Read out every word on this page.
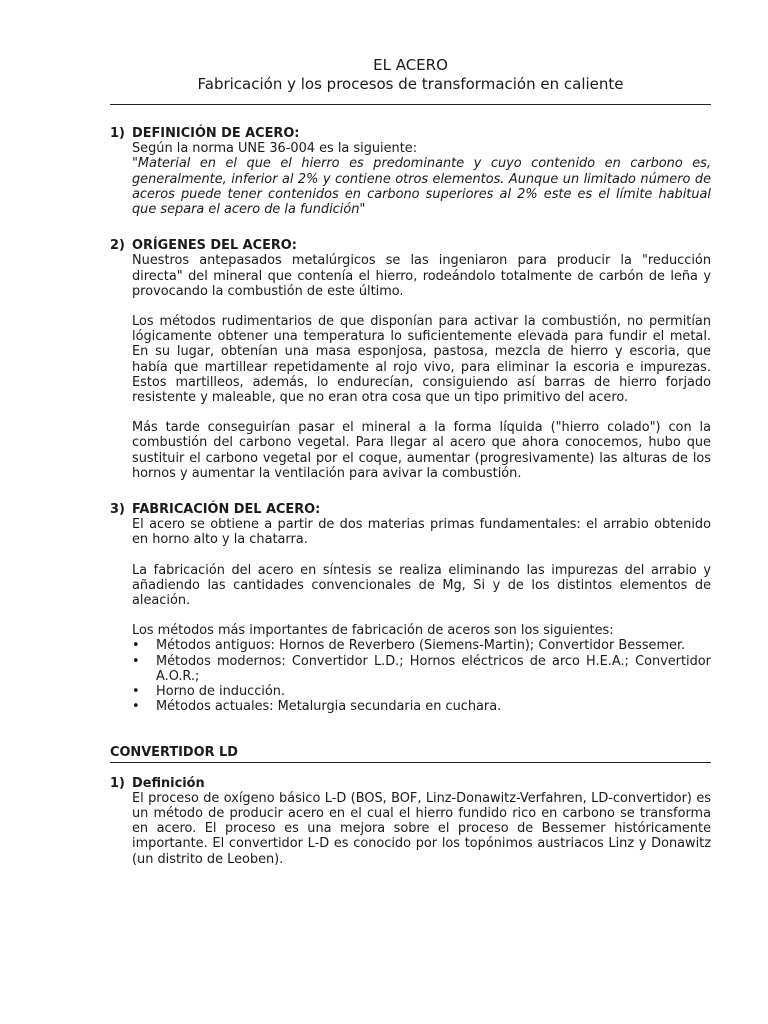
EL ACERO
Fabricación y los procesos de transformación en caliente
1) DEFINICIÓN DE ACERO:
Según la norma UNE 36-004 es la siguiente:
"Material en el que el hierro es predominante y cuyo contenido en carbono es, generalmente, inferior al 2% y contiene otros elementos. Aunque un limitado número de aceros puede tener contenidos en carbono superiores al 2% este es el límite habitual que separa el acero de la fundición"
2) ORÍGENES DEL ACERO:
Nuestros antepasados metalúrgicos se las ingeniaron para producir la "reducción directa" del mineral que contenía el hierro, rodeándolo totalmente de carbón de leña y provocando la combustión de este último.
Los métodos rudimentarios de que disponían para activar la combustión, no permitían lógicamente obtener una temperatura lo suficientemente elevada para fundir el metal. En su lugar, obtenían una masa esponjosa, pastosa, mezcla de hierro y escoria, que había que martillear repetidamente al rojo vivo, para eliminar la escoria e impurezas. Estos martilleos, además, lo endurecían, consiguiendo así barras de hierro forjado resistente y maleable, que no eran otra cosa que un tipo primitivo del acero.
Más tarde conseguirían pasar el mineral a la forma líquida ("hierro colado") con la combustión del carbono vegetal. Para llegar al acero que ahora conocemos, hubo que sustituir el carbono vegetal por el coque, aumentar (progresivamente) las alturas de los hornos y aumentar la ventilación para avivar la combustión.
3) FABRICACIÓN DEL ACERO:
El acero se obtiene a partir de dos materias primas fundamentales: el arrabio obtenido en horno alto y la chatarra.
La fabricación del acero en síntesis se realiza eliminando las impurezas del arrabio y añadiendo las cantidades convencionales de Mg, Si y de los distintos elementos de aleación.
Los métodos más importantes de fabricación de aceros son los siguientes:
• Métodos antiguos: Hornos de Reverbero (Siemens-Martin); Convertidor Bessemer.
• Métodos modernos: Convertidor L.D.; Hornos eléctricos de arco H.E.A.; Convertidor A.O.R.;
• Horno de inducción.
• Métodos actuales: Metalurgia secundaria en cuchara.
CONVERTIDOR LD
1) Definición
El proceso de oxígeno básico L-D (BOS, BOF, Linz-Donawitz-Verfahren, LD-convertidor) es un método de producir acero en el cual el hierro fundido rico en carbono se transforma en acero. El proceso es una mejora sobre el proceso de Bessemer históricamente importante. El convertidor L-D es conocido por los topónimos austriacos Linz y Donawitz (un distrito de Leoben).
